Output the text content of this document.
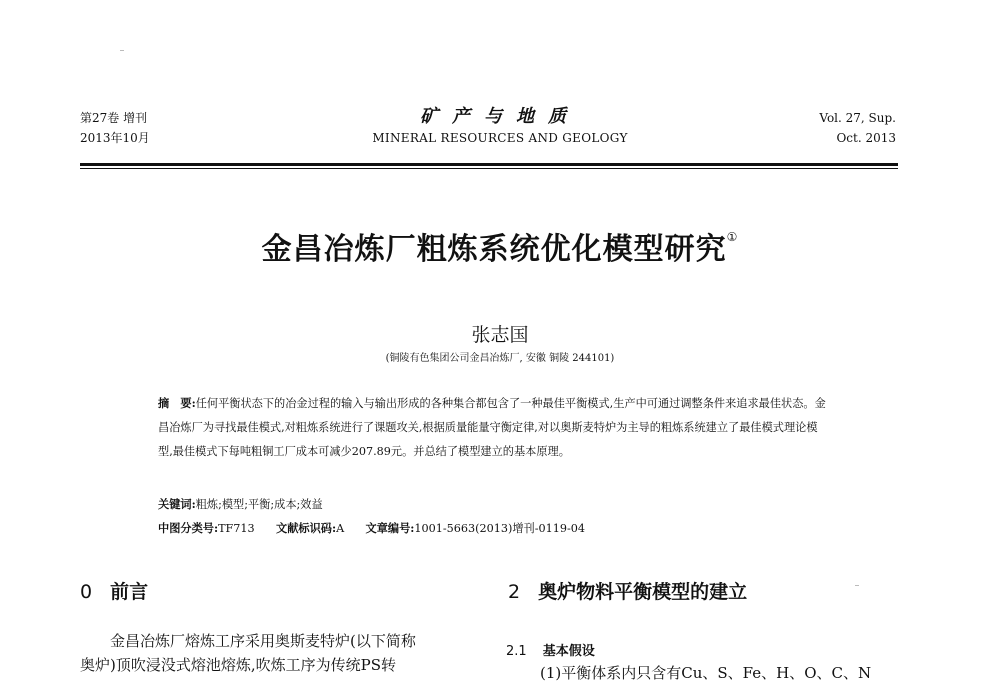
第27卷 增刊
2013年10月
矿产与地质
MINERAL RESOURCES AND GEOLOGY
Vol. 27, Sup.
Oct. 2013
金昌冶炼厂粗炼系统优化模型研究①
张志国
(铜陵有色集团公司金昌冶炼厂, 安徽 铜陵 244101)
摘　要:任何平衡状态下的冶金过程的输入与输出形成的各种集合都包含了一种最佳平衡模式,生产中可通过调整条件来追求最佳状态。金昌冶炼厂为寻找最佳模式,对粗炼系统进行了课题攻关,根据质量能量守衡定律,对以奥斯麦特炉为主导的粗炼系统建立了最佳模式理论模型,最佳模式下每吨粗铜工厂成本可减少207.89元。并总结了模型建立的基本原理。
关键词:粗炼;模型;平衡;成本;效益
中图分类号:TF713 文献标识码:A 文章编号:1001-5663(2013)增刊-0119-04
0 前言
金昌冶炼厂熔炼工序采用奥斯麦特炉(以下简称
奥炉)顶吹浸没式熔池熔炼,吹炼工序为传统PS转
2 奥炉物料平衡模型的建立
2.1 基本假设
(1)平衡体系内只含有Cu、S、Fe、H、O、C、N
